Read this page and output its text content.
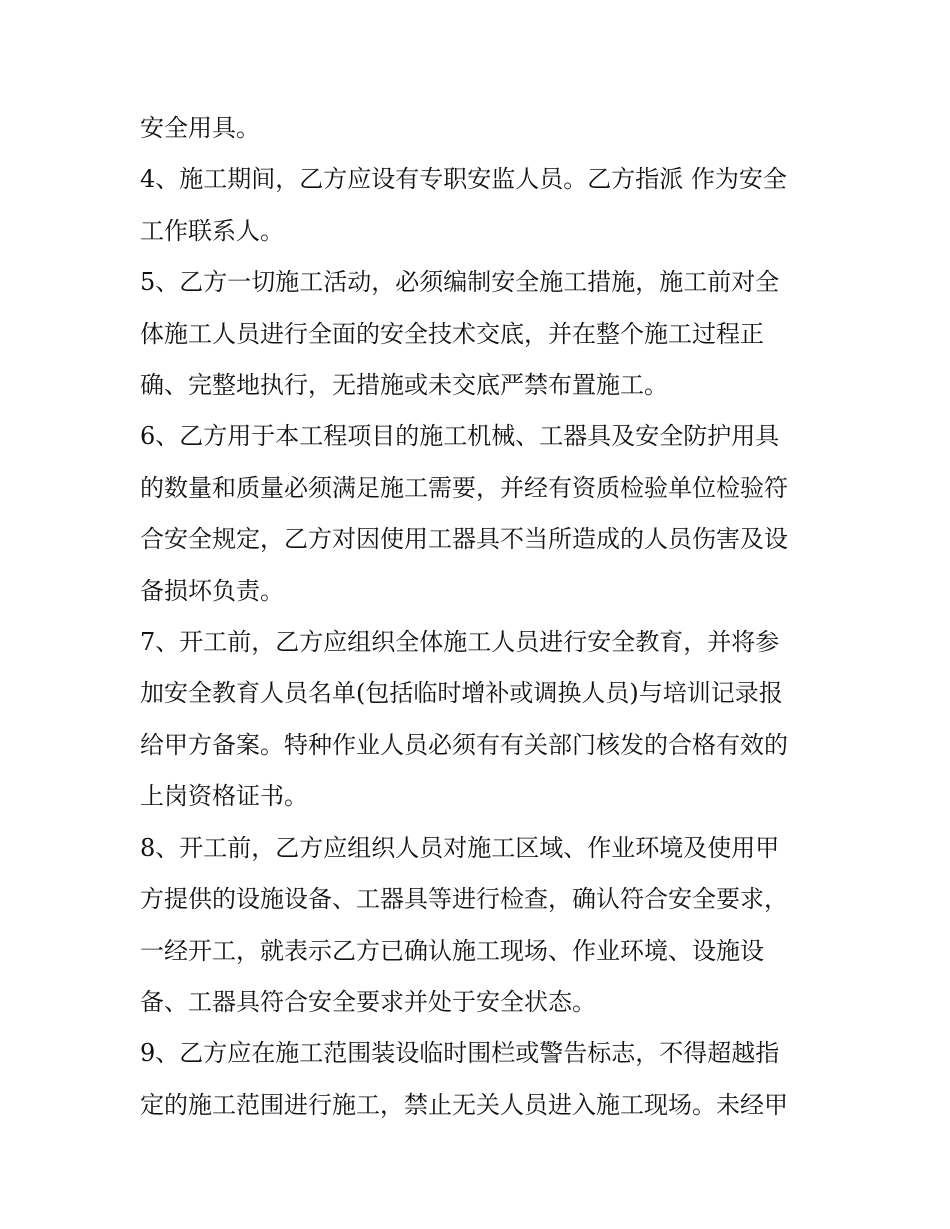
安全用具。
4、施工期间，乙方应设有专职安监人员。乙方指派 作为安全
工作联系人。
5、乙方一切施工活动，必须编制安全施工措施，施工前对全
体施工人员进行全面的安全技术交底，并在整个施工过程正
确、完整地执行，无措施或未交底严禁布置施工。
6、乙方用于本工程项目的施工机械、工器具及安全防护用具
的数量和质量必须满足施工需要，并经有资质检验单位检验符
合安全规定，乙方对因使用工器具不当所造成的人员伤害及设
备损坏负责。
7、开工前，乙方应组织全体施工人员进行安全教育，并将参
加安全教育人员名单(包括临时增补或调换人员)与培训记录报
给甲方备案。特种作业人员必须有有关部门核发的合格有效的
上岗资格证书。
8、开工前，乙方应组织人员对施工区域、作业环境及使用甲
方提供的设施设备、工器具等进行检查，确认符合安全要求，
一经开工，就表示乙方已确认施工现场、作业环境、设施设
备、工器具符合安全要求并处于安全状态。
9、乙方应在施工范围装设临时围栏或警告标志，不得超越指
定的施工范围进行施工，禁止无关人员进入施工现场。未经甲
